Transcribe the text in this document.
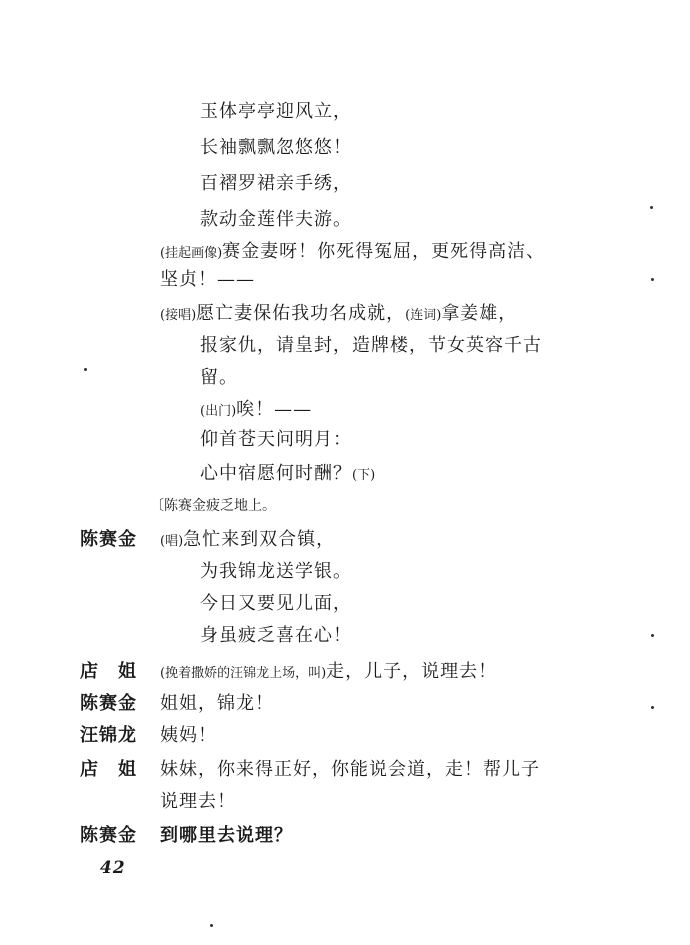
玉体亭亭迎风立，
长袖飘飘忽悠悠！
百褶罗裙亲手绣，
款动金莲伴夫游。
(挂起画像)赛金妻呀！你死得冤屈，更死得高洁、
坚贞！——
(接唱)愿亡妻保佑我功名成就，(连词)拿姜雄，
报家仇，请皇封，造牌楼，节女英容千古
留。
(出门)唉！——
仰首苍天问明月：
心中宿愿何时酬？(下)
〔陈赛金疲乏地上。
陈赛金 (唱)急忙来到双合镇，
为我锦龙送学银。
今日又要见儿面，
身虽疲乏喜在心！
店　姐 (挽着撒娇的汪锦龙上场，叫)走，儿子，说理去！
陈赛金 姐姐，锦龙！
汪锦龙 姨妈！
店　姐 妹妹，你来得正好，你能说会道，走！帮儿子
说理去！
陈赛金 到哪里去说理？
42
